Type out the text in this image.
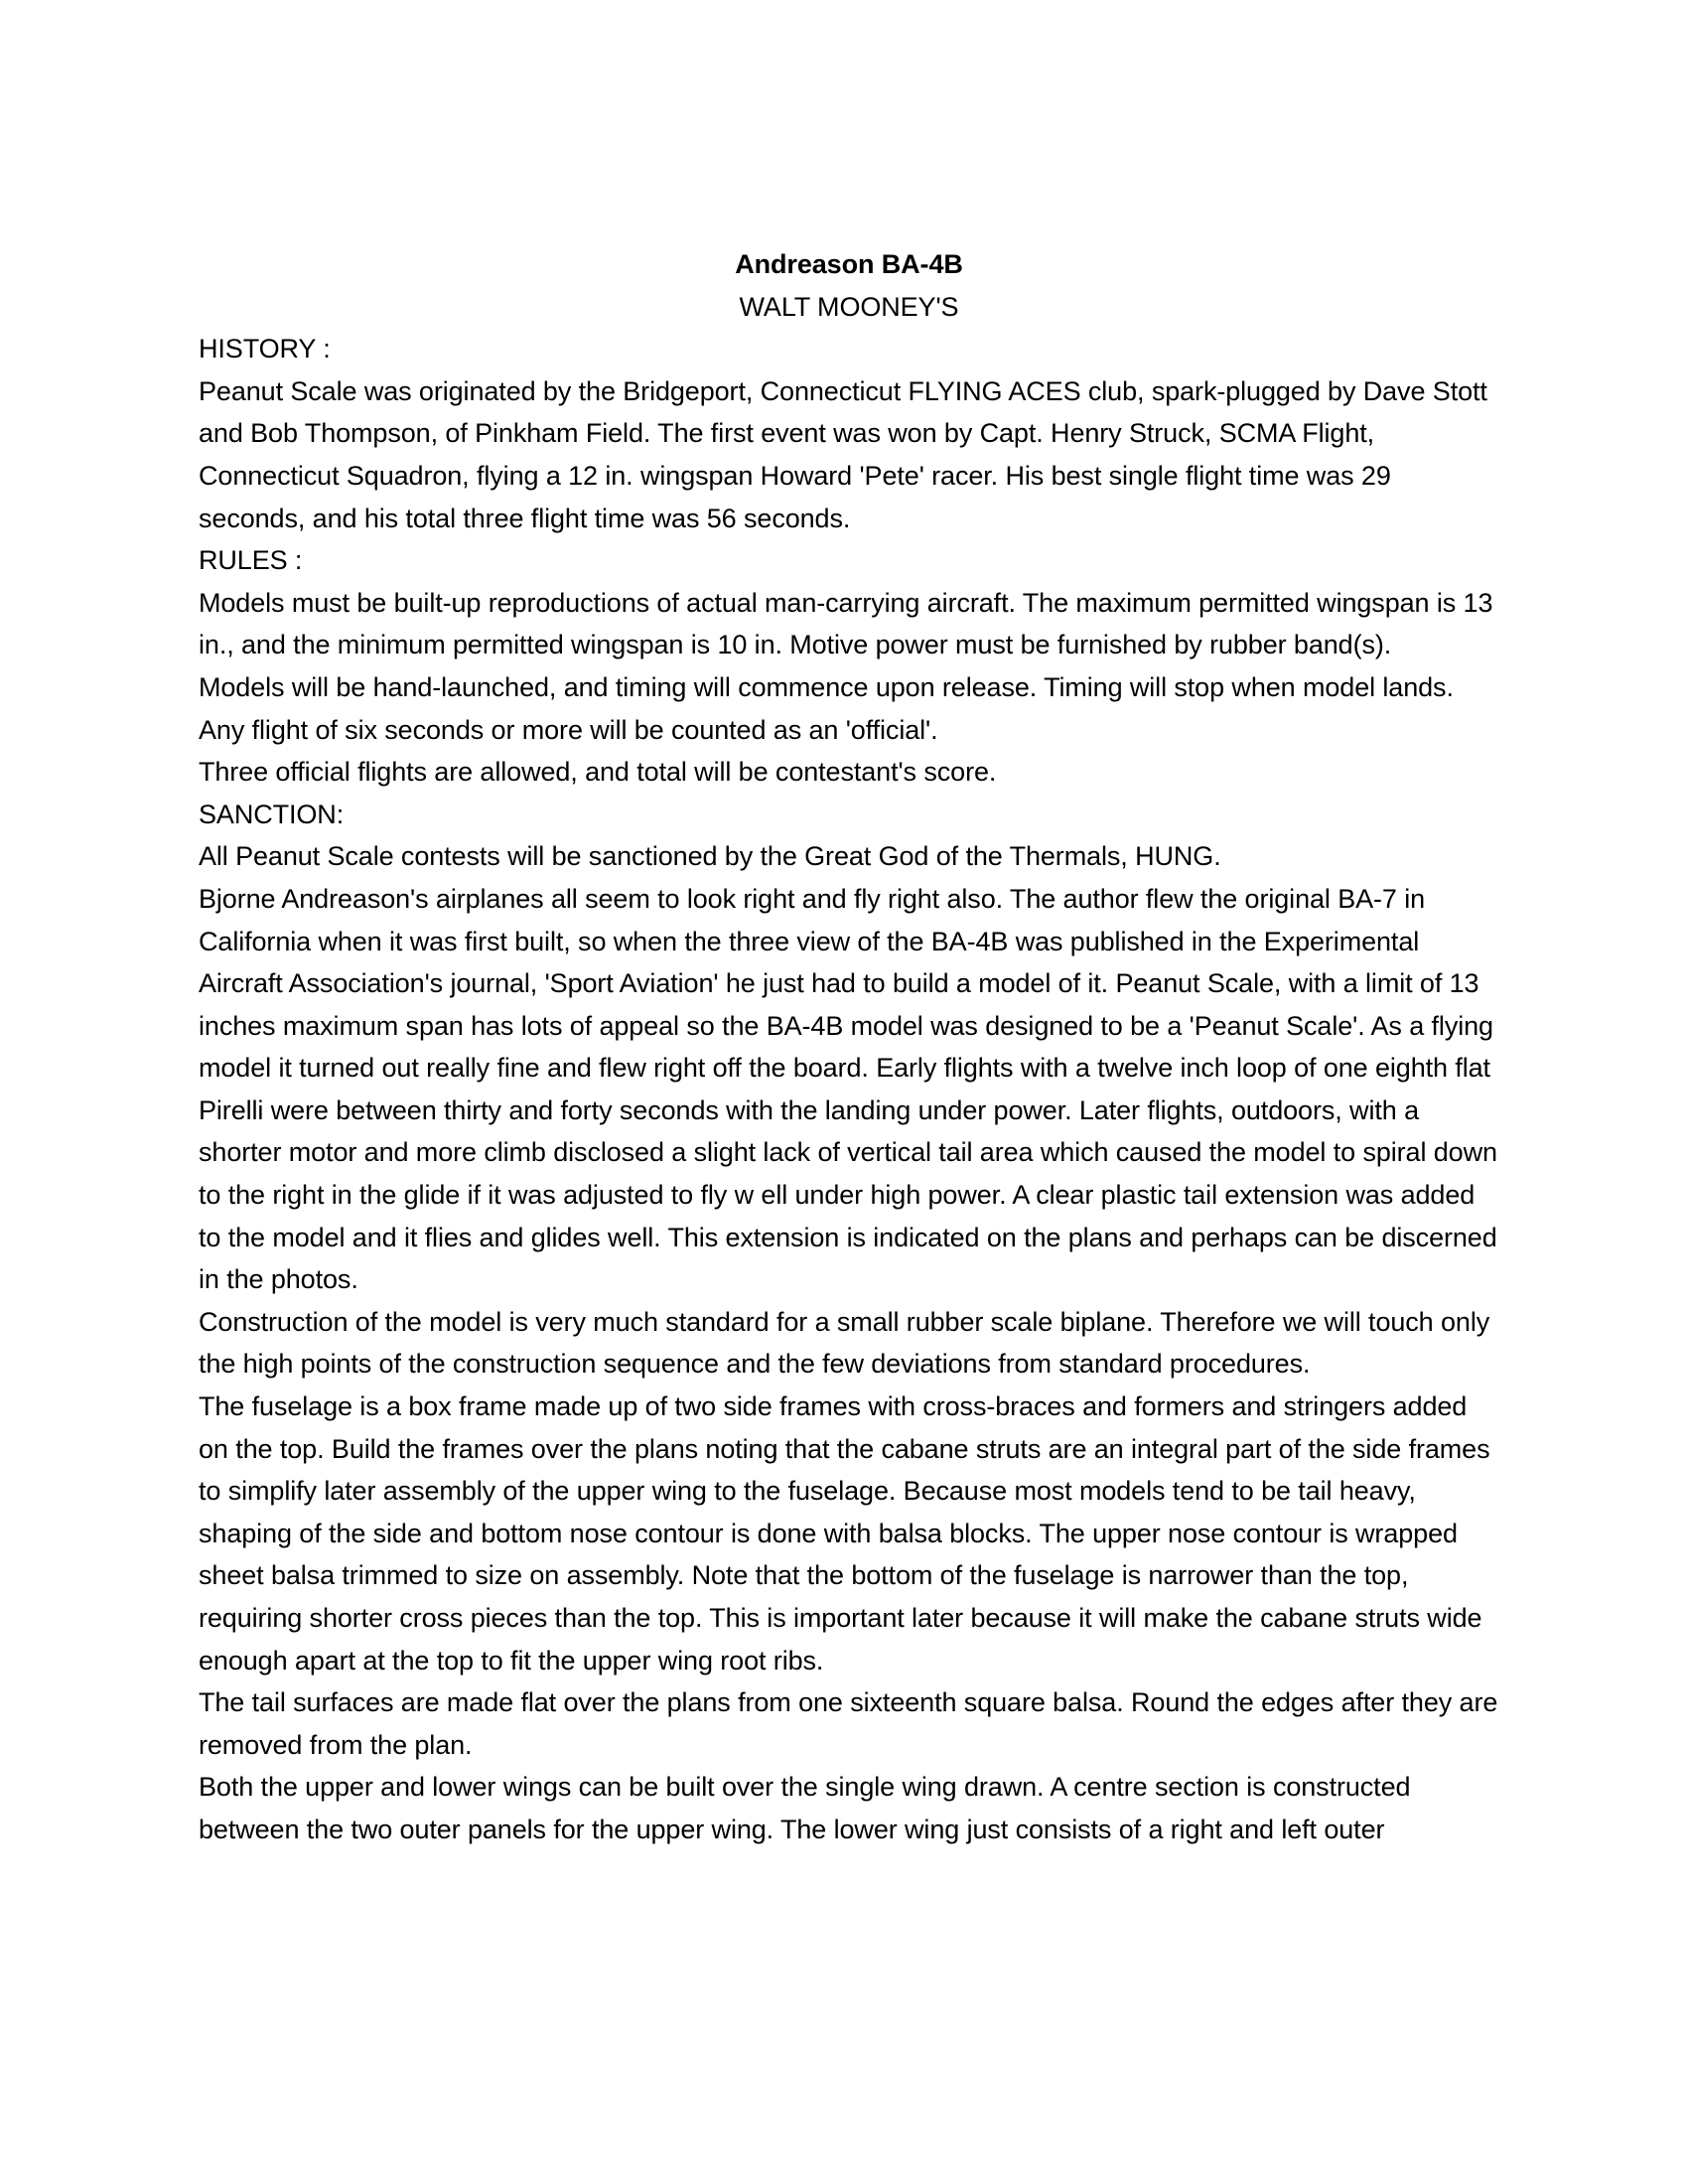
Andreason BA-4B

WALT MOONEY'S

HISTORY :

Peanut Scale was originated by the Bridgeport, Connecticut FLYING ACES club, spark-plugged by Dave Stott and Bob Thompson, of Pinkham Field. The first event was won by Capt. Henry Struck, SCMA Flight, Connecticut Squadron, flying a 12 in. wingspan Howard 'Pete' racer. His best single flight time was 29 seconds, and his total three flight time was 56 seconds.

RULES :

Models must be built-up reproductions of actual man-carrying aircraft. The maximum permitted wingspan is 13 in., and the minimum permitted wingspan is 10 in. Motive power must be furnished by rubber band(s).

Models will be hand-launched, and timing will commence upon release. Timing will stop when model lands.

Any flight of six seconds or more will be counted as an 'official'.

Three official flights are allowed, and total will be contestant's score.

SANCTION:

All Peanut Scale contests will be sanctioned by the Great God of the Thermals, HUNG.

Bjorne Andreason's airplanes all seem to look right and fly right also. The author flew the original BA-7 in California when it was first built, so when the three view of the BA-4B was published in the Experimental Aircraft Association's journal, 'Sport Aviation' he just had to build a model of it. Peanut Scale, with a limit of 13 inches maximum span has lots of appeal so the BA-4B model was designed to be a 'Peanut Scale'. As a flying model it turned out really fine and flew right off the board. Early flights with a twelve inch loop of one eighth flat Pirelli were between thirty and forty seconds with the landing under power. Later flights, outdoors, with a shorter motor and more climb disclosed a slight lack of vertical tail area which caused the model to spiral down to the right in the glide if it was adjusted to fly w ell under high power. A clear plastic tail extension was added to the model and it flies and glides well. This extension is indicated on the plans and perhaps can be discerned in the photos.

Construction of the model is very much standard for a small rubber scale biplane. Therefore we will touch only the high points of the construction sequence and the few deviations from standard procedures.

The fuselage is a box frame made up of two side frames with cross-braces and formers and stringers added on the top. Build the frames over the plans noting that the cabane struts are an integral part of the side frames to simplify later assembly of the upper wing to the fuselage. Because most models tend to be tail heavy, shaping of the side and bottom nose contour is done with balsa blocks. The upper nose contour is wrapped sheet balsa trimmed to size on assembly. Note that the bottom of the fuselage is narrower than the top, requiring shorter cross pieces than the top. This is important later because it will make the cabane struts wide enough apart at the top to fit the upper wing root ribs.

The tail surfaces are made flat over the plans from one sixteenth square balsa. Round the edges after they are removed from the plan.

Both the upper and lower wings can be built over the single wing drawn. A centre section is constructed between the two outer panels for the upper wing. The lower wing just consists of a right and left outer
